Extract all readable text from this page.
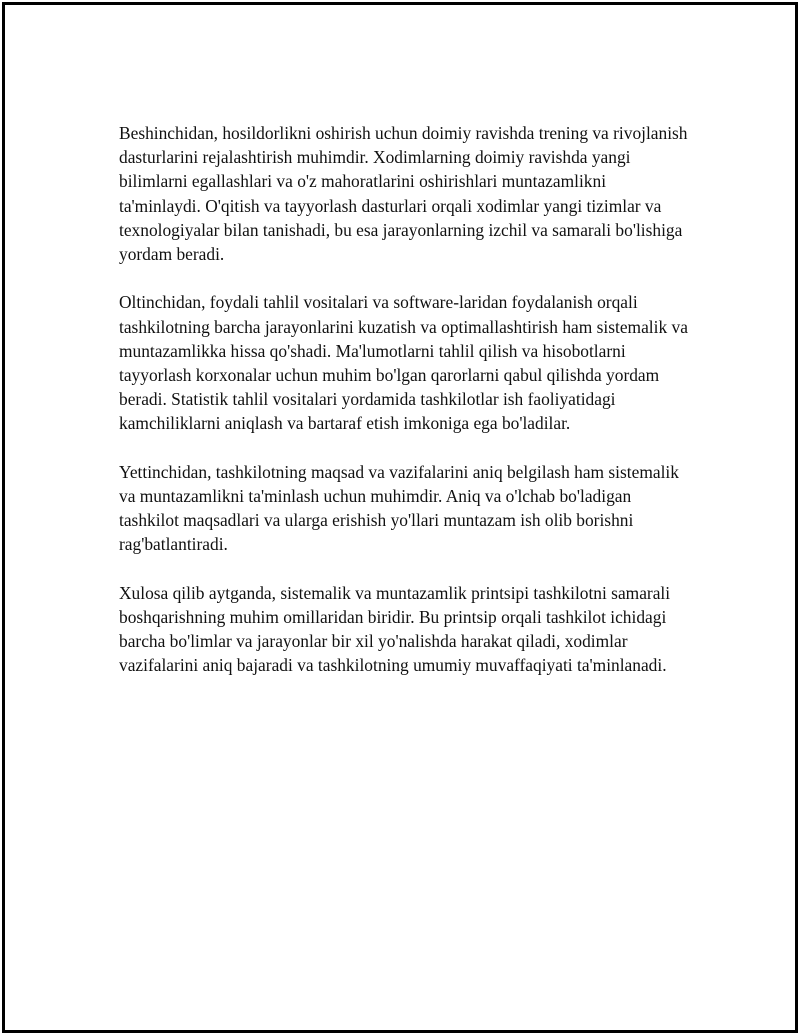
Beshinchidan, hosildorlikni oshirish uchun doimiy ravishda trening va rivojlanish dasturlarini rejalashtirish muhimdir. Xodimlarning doimiy ravishda yangi bilimlarni egallashlari va o'z mahoratlarini oshirishlari muntazamlikni ta'minlaydi. O'qitish va tayyorlash dasturlari orqali xodimlar yangi tizimlar va texnologiyalar bilan tanishadi, bu esa jarayonlarning izchil va samarali bo'lishiga yordam beradi.

Oltinchidan, foydali tahlil vositalari va software-laridan foydalanish orqali tashkilotning barcha jarayonlarini kuzatish va optimallashtirish ham sistemalik va muntazamlikka hissa qo'shadi. Ma'lumotlarni tahlil qilish va hisobotlarni tayyorlash korxonalar uchun muhim bo'lgan qarorlarni qabul qilishda yordam beradi. Statistik tahlil vositalari yordamida tashkilotlar ish faoliyatidagi kamchiliklarni aniqlash va bartaraf etish imkoniga ega bo'ladilar.

Yettinchidan, tashkilotning maqsad va vazifalarini aniq belgilash ham sistemalik va muntazamlikni ta'minlash uchun muhimdir. Aniq va o'lchab bo'ladigan tashkilot maqsadlari va ularga erishish yo'llari muntazam ish olib borishni rag'batlantiradi.

Xulosa qilib aytganda, sistemalik va muntazamlik printsipi tashkilotni samarali boshqarishning muhim omillaridan biridir. Bu printsip orqali tashkilot ichidagi barcha bo'limlar va jarayonlar bir xil yo'nalishda harakat qiladi, xodimlar vazifalarini aniq bajaradi va tashkilotning umumiy muvaffaqiyati ta'minlanadi.
